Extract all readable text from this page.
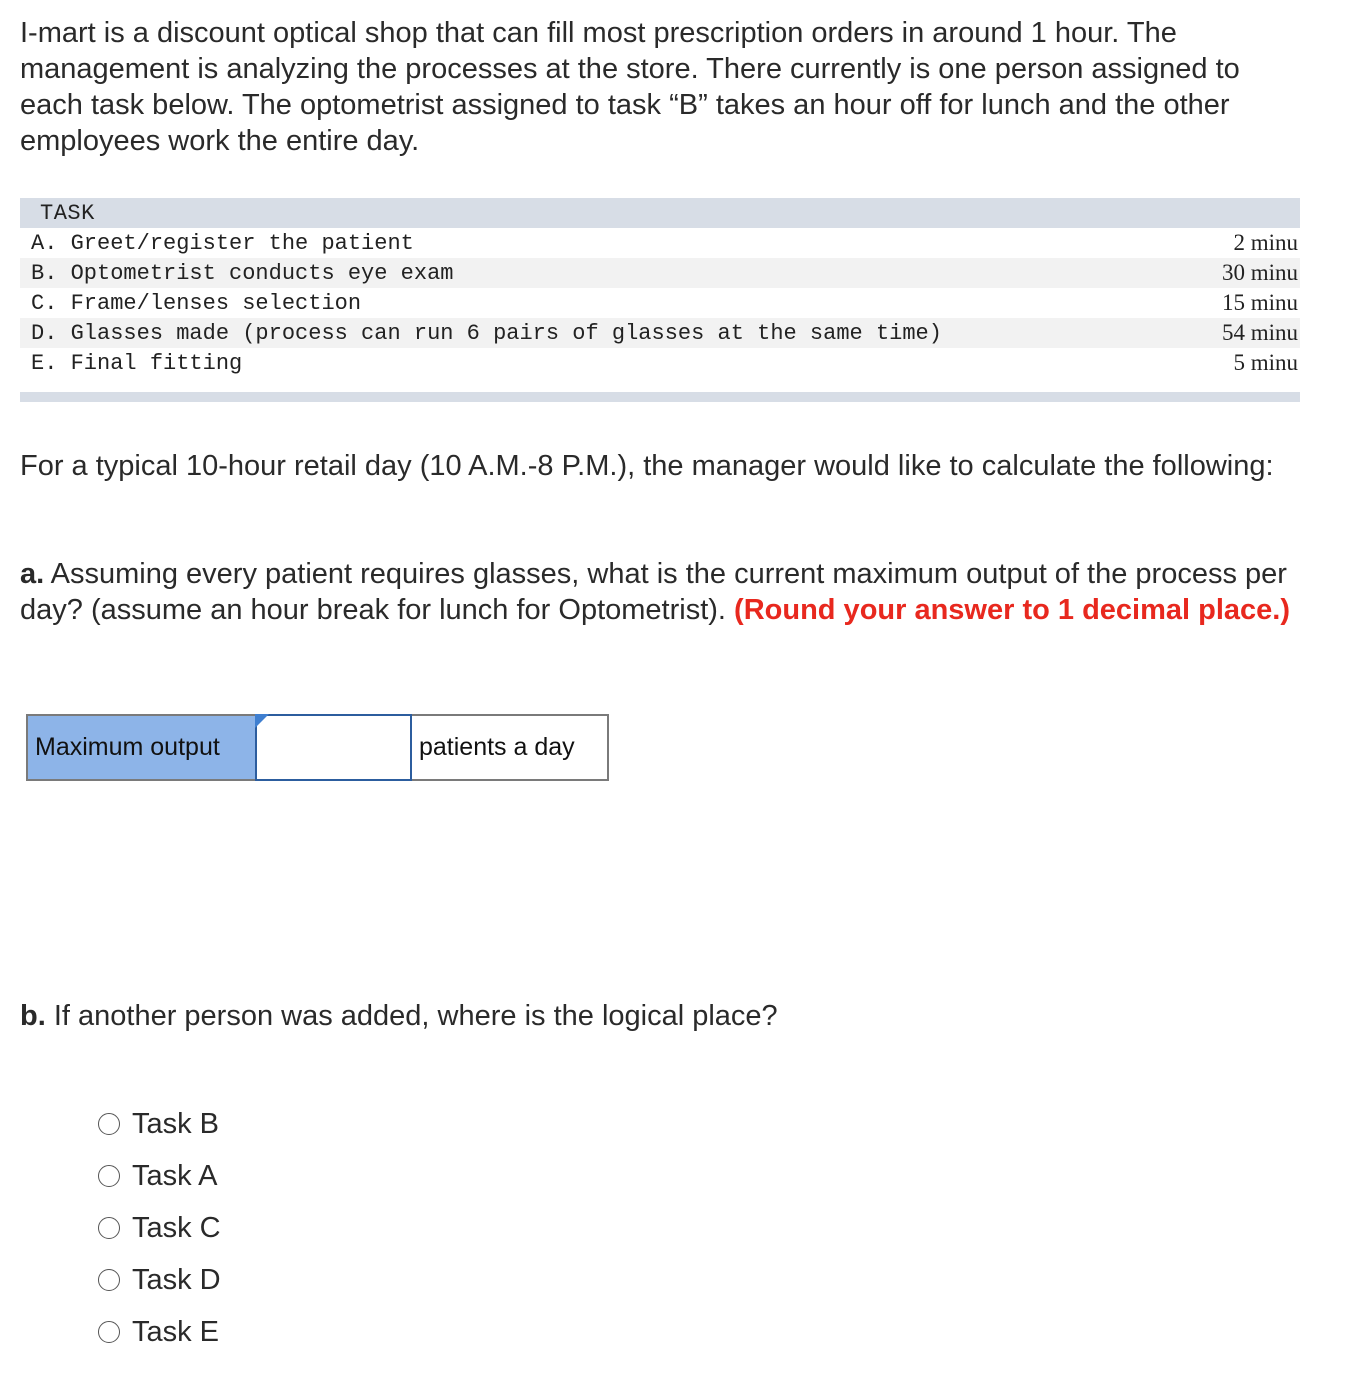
I-mart is a discount optical shop that can fill most prescription orders in around 1 hour. The management is analyzing the processes at the store. There currently is one person assigned to each task below. The optometrist assigned to task “B” takes an hour off for lunch and the other employees work the entire day.

TASK	
A. Greet/register the patient	2 minu
B. Optometrist conducts eye exam	30 minu
C. Frame/lenses selection	15 minu
D. Glasses made (process can run 6 pairs of glasses at the same time)	54 minu
E. Final fitting	5 minu

For a typical 10-hour retail day (10 A.M.-8 P.M.), the manager would like to calculate the following:

a. Assuming every patient requires glasses, what is the current maximum output of the process per day? (assume an hour break for lunch for Optometrist). (Round your answer to 1 decimal place.)

Maximum output	patients a day

b. If another person was added, where is the logical place?

Task B
Task A
Task C
Task D
Task E
